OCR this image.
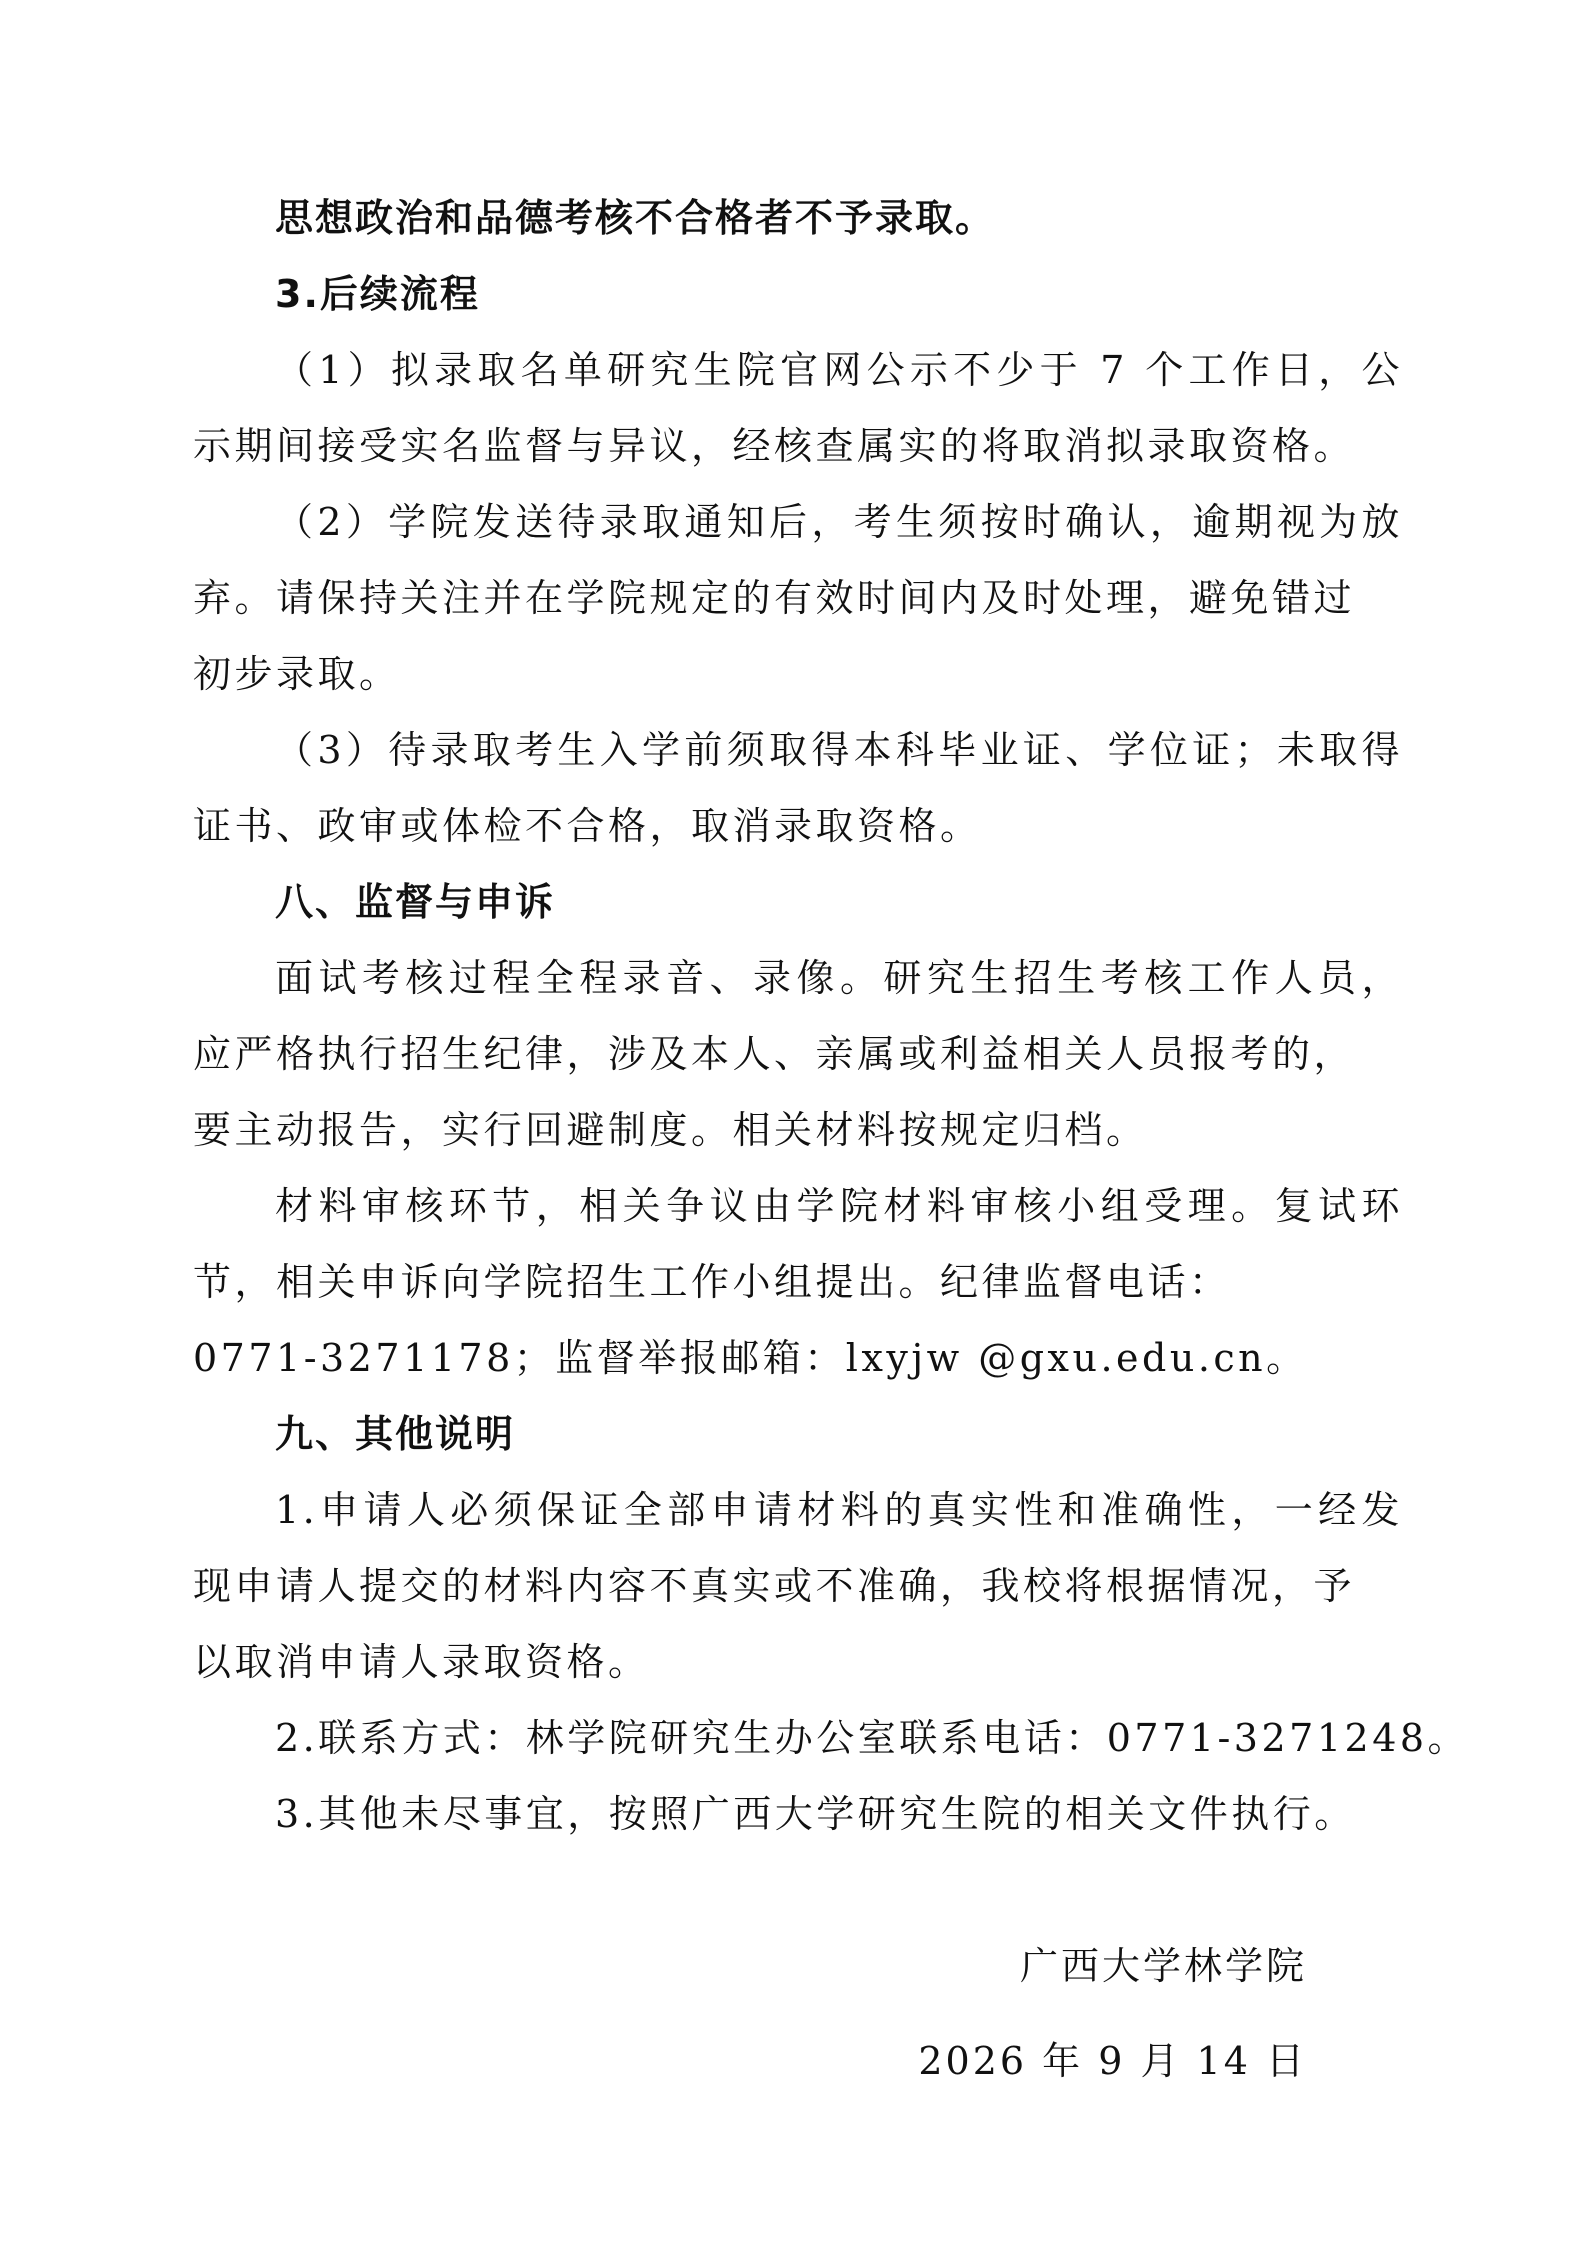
思想政治和品德考核不合格者不予录取。
3.后续流程
（1）拟录取名单研究生院官网公示不少于 7 个工作日，公
示期间接受实名监督与异议，经核查属实的将取消拟录取资格。
（2）学院发送待录取通知后，考生须按时确认，逾期视为放
弃。请保持关注并在学院规定的有效时间内及时处理，避免错过
初步录取。
（3）待录取考生入学前须取得本科毕业证、学位证；未取得
证书、政审或体检不合格，取消录取资格。
八、监督与申诉
面试考核过程全程录音、录像。研究生招生考核工作人员，
应严格执行招生纪律，涉及本人、亲属或利益相关人员报考的，
要主动报告，实行回避制度。相关材料按规定归档。
材料审核环节，相关争议由学院材料审核小组受理。复试环
节，相关申诉向学院招生工作小组提出。纪律监督电话：
0771-3271178；监督举报邮箱：lxyjw @gxu.edu.cn。
九、其他说明
1.申请人必须保证全部申请材料的真实性和准确性，一经发
现申请人提交的材料内容不真实或不准确，我校将根据情况，予
以取消申请人录取资格。
2.联系方式：林学院研究生办公室联系电话：0771-3271248。
3.其他未尽事宜，按照广西大学研究生院的相关文件执行。
广西大学林学院
2026 年 9 月 14 日
